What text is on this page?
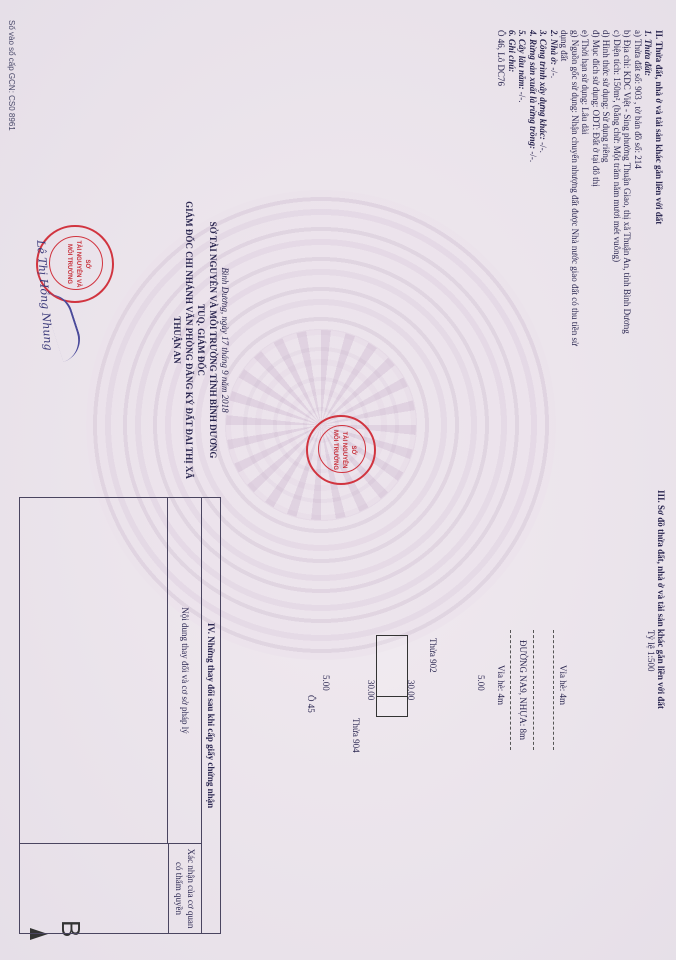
II. Thửa đất, nhà ở và tài sản khác gắn liền với đất
1. Thửa đất:
a) Thửa đất số: 903 , tờ bản đồ số: 214
b) Địa chỉ: KDC Việt - Sing phường Thuận Giao, thị xã Thuận An, tỉnh Bình Dương
c) Diện tích: 150m², (bằng chữ: Một trăm năm mươi mét vuông)
d) Hình thức sử dụng: Sử dụng riêng
đ) Mục đích sử dụng: ODT: Đất ở tại đô thị
e) Thời hạn sử dụng: Lâu dài
g) Nguồn gốc sử dụng: Nhận chuyển nhượng đất được Nhà nước giao đất có thu tiền sử
dụng đất
2. Nhà ở: -/-.
3. Công trình xây dựng khác: -/-.
4. Rừng sản xuất là rừng trồng: -/-.
5. Cây lâu năm: -/-.
6. Ghi chú:
Ô 46, Lô DC76
Bình Dương, ngày 17 tháng 9 năm 2018
SỞ TÀI NGUYÊN VÀ MÔI TRƯỜNG TỈNH BÌNH DƯƠNG
TUQ. GIÁM ĐỐC
GIÁM ĐỐC CHI NHÁNH VĂN PHÒNG ĐĂNG KÝ ĐẤT ĐAI THỊ XÃ THUẬN AN
SỞ
TÀI NGUYÊN VÀ
MÔI TRƯỜNG
Lê Thị Hồng Nhung
SỞ
TÀI NGUYÊN
MÔI TRƯỜNG
III. Sơ đồ thửa đất, nhà ở và tài sản khác gắn liền với đất
Tỷ lệ 1:500
Vỉa hè: 4m
ĐƯỜNG NA9, NHỰA: 8m
Vỉa hè: 4m
5.00
Thửa 902
30.00
30.00
5.00
Thửa 904
Ô 45
B
IV. Những thay đổi sau khi cấp giấy chứng nhận
Nội dung thay đổi và cơ sở pháp lý
Xác nhận của cơ quan có thẩm quyền
Số vào sổ cấp GCN: CS0 8961
